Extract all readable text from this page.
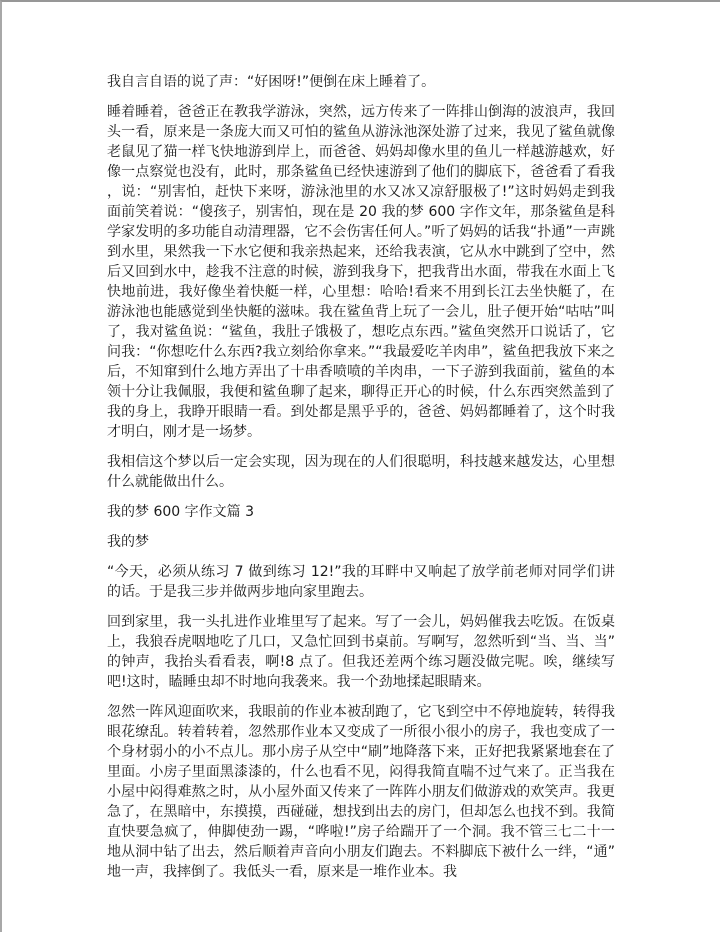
我自言自语的说了声：“好困呀!”便倒在床上睡着了。

睡着睡着，爸爸正在教我学游泳，突然，远方传来了一阵排山倒海的波浪声，我回头一看，原来是一条庞大而又可怕的鲨鱼从游泳池深处游了过来，我见了鲨鱼就像老鼠见了猫一样飞快地游到岸上，而爸爸、妈妈却像水里的鱼儿一样越游越欢，好像一点察觉也没有，此时，那条鲨鱼已经快速游到了他们的脚底下，爸爸看了看我，说：“别害怕，赶快下来呀，游泳池里的水又冰又凉舒服极了!”这时妈妈走到我面前笑着说：“傻孩子，别害怕，现在是 20 我的梦 600 字作文年，那条鲨鱼是科学家发明的多功能自动清理器，它不会伤害任何人。”听了妈妈的话我“扑通”一声跳到水里，果然我一下水它便和我亲热起来，还给我表演，它从水中跳到了空中，然后又回到水中，趁我不注意的时候，游到我身下，把我背出水面，带我在水面上飞快地前进，我好像坐着快艇一样，心里想：哈哈!看来不用到长江去坐快艇了，在游泳池也能感觉到坐快艇的滋味。我在鲨鱼背上玩了一会儿，肚子便开始“咕咕”叫了，我对鲨鱼说：“鲨鱼，我肚子饿极了，想吃点东西。”鲨鱼突然开口说话了，它问我：“你想吃什么东西?我立刻给你拿来。”“我最爱吃羊肉串”，鲨鱼把我放下来之后，不知窜到什么地方弄出了十串香喷喷的羊肉串，一下子游到我面前，鲨鱼的本领十分让我佩服，我便和鲨鱼聊了起来，聊得正开心的时候，什么东西突然盖到了我的身上，我睁开眼睛一看。到处都是黑乎乎的，爸爸、妈妈都睡着了，这个时我才明白，刚才是一场梦。

我相信这个梦以后一定会实现，因为现在的人们很聪明，科技越来越发达，心里想什么就能做出什么。

我的梦 600 字作文篇 3

我的梦

“今天，必须从练习 7 做到练习 12!”我的耳畔中又响起了放学前老师对同学们讲的话。于是我三步并做两步地向家里跑去。

回到家里，我一头扎进作业堆里写了起来。写了一会儿，妈妈催我去吃饭。在饭桌上，我狼吞虎咽地吃了几口，又急忙回到书桌前。写啊写，忽然听到“当、当、当”的钟声，我抬头看看表，啊!8 点了。但我还差两个练习题没做完呢。唉，继续写吧!这时，瞌睡虫却不时地向我袭来。我一个劲地揉起眼睛来。

忽然一阵风迎面吹来，我眼前的作业本被刮跑了，它飞到空中不停地旋转，转得我眼花缭乱。转着转着，忽然那作业本又变成了一所很小很小的房子，我也变成了一个身材弱小的小不点儿。那小房子从空中“刷”地降落下来，正好把我紧紧地套在了里面。小房子里面黑漆漆的，什么也看不见，闷得我简直喘不过气来了。正当我在小屋中闷得难熬之时，从小屋外面又传来了一阵阵小朋友们做游戏的欢笑声。我更急了，在黑暗中，东摸摸，西碰碰，想找到出去的房门，但却怎么也找不到。我简直快要急疯了，伸脚使劲一踢，“哗啦!”房子给踹开了一个洞。我不管三七二十一地从洞中钻了出去，然后顺着声音向小朋友们跑去。不料脚底下被什么一绊，“通”地一声，我摔倒了。我低头一看，原来是一堆作业本。我
